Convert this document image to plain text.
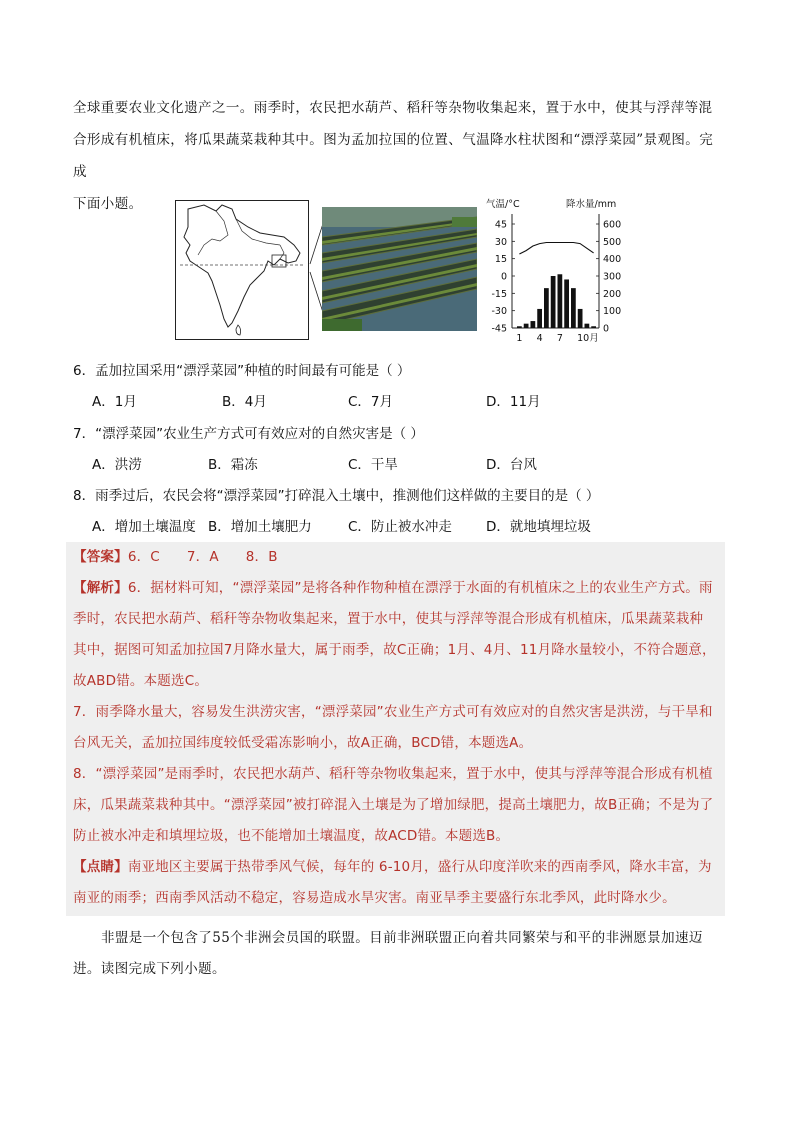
全球重要农业文化遗产之一。雨季时，农民把水葫芦、稻秆等杂物收集起来，置于水中，使其与浮萍等混

合形成有机植床，将瓜果蔬菜栽种其中。图为孟加拉国的位置、气温降水柱状图和“漂浮菜园”景观图。完成

下面小题。	气温/°C	降水量/mm
45
30
15
0
-15
-30
-45
600
500
400
300
200
100
0
1 4 7 10月
6．孟加拉国采用“漂浮菜园”种植的时间最有可能是（ ）
A．1月	B．4月	C．7月	D．11月
7．“漂浮菜园”农业生产方式可有效应对的自然灾害是（ ）
A．洪涝	B．霜冻	C．干旱	D．台风
8．雨季过后，农民会将“漂浮菜园”打碎混入土壤中，推测他们这样做的主要目的是（ ）
A．增加土壤温度 B．增加土壤肥力	C．防止被水冲走	D．就地填埋垃圾

【答案】6．C      7．A      8．B

【解析】6．据材料可知，“漂浮菜园”是将各种作物种植在漂浮于水面的有机植床之上的农业生产方式。雨

季时，农民把水葫芦、稻秆等杂物收集起来，置于水中，使其与浮萍等混合形成有机植床，瓜果蔬菜栽种

其中，据图可知孟加拉国7月降水量大，属于雨季，故C正确；1月、4月、11月降水量较小，不符合题意，

故ABD错。本题选C。

7．雨季降水量大，容易发生洪涝灾害，“漂浮菜园”农业生产方式可有效应对的自然灾害是洪涝，与干旱和

台风无关，孟加拉国纬度较低受霜冻影响小，故A正确，BCD错，本题选A。

8．“漂浮菜园”是雨季时，农民把水葫芦、稻秆等杂物收集起来，置于水中，使其与浮萍等混合形成有机植

床，瓜果蔬菜栽种其中。“漂浮菜园”被打碎混入土壤是为了增加绿肥，提高土壤肥力，故B正确；不是为了

防止被水冲走和填埋垃圾，也不能增加土壤温度，故ACD错。本题选B。

【点睛】南亚地区主要属于热带季风气候，每年的 6-10月，盛行从印度洋吹来的西南季风，降水丰富，为

南亚的雨季；西南季风活动不稳定，容易造成水旱灾害。南亚旱季主要盛行东北季风，此时降水少。

非盟是一个包含了55个非洲会员国的联盟。目前非洲联盟正向着共同繁荣与和平的非洲愿景加速迈

进。读图完成下列小题。
